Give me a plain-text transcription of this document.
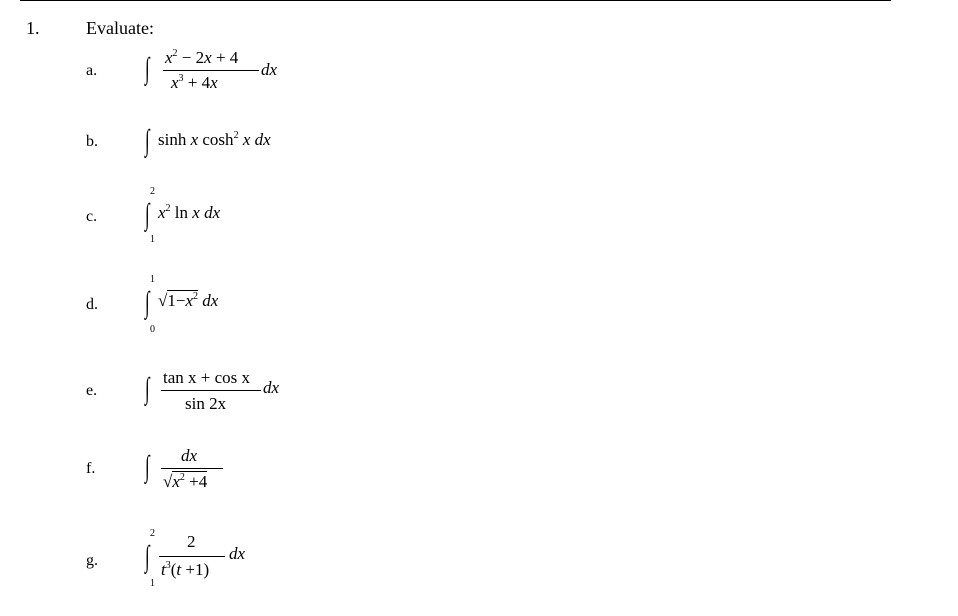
1.	Evaluate:
a. ∫ $x^2 - 2x + 4$
$x^3 + 4x$
dx
b. ∫ sinh x $\cosh^2 x$ dx
c.
2
∫
1
$x^2$ ln x dx
d.
1
∫
0
$√1-x^2$ dx
e. ∫ tan x + cos x
sin 2x
dx
f. ∫ dx
$√x^2 +4$
g.
2
∫
1
2
$t^3(t +1)$
dx
